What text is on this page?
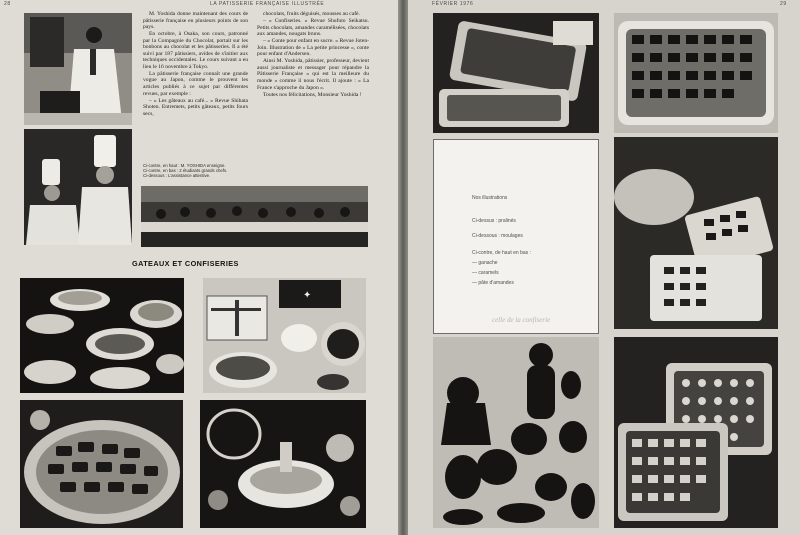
28	LA PATISSERIE FRANÇAISE ILLUSTRÉE

M. Yoshida donne maintenant des cours de pâtisserie française en plusieurs points de son pays.

En octobre, à Osaka, son cours, patronné par la Compagnie du Chocolat, portait sur les bonbons au chocolat et les pâtisseries. Il a été suivi par 187 pâtissiers, avides de s'initier aux techniques occidentales. Le cours suivant a eu lieu le 16 novembre à Tokyo.

La pâtisserie française connaît une grande vogue au Japon, comme le prouvent les articles publiés à ce sujet par différentes revues, par exemple :

– « Les gâteaux au café... » Revue Shibata Shoten. Entremets, petits gâteaux, petits fours secs,

chocolats, fruits déguisés, mousses au café.

– « Confiseries. » Revue Shufuto Seikatsu. Petits chocolats, amandes caramélisées, chocolats aux amandes, nougats bruns.

– « Conte pour enfant en sucre. » Revue Joten-Join. Illustration de « La petite princesse », conte pour enfant d'Andersen.

Ainsi M. Yoshida, pâtissier, professeur, devient aussi journaliste et messager pour répandre la Pâtisserie Française « qui est la meilleure du monde » comme il nous l'écrit. Il ajoute : « La France s'approche du Japon ».

Toutes nos félicitations, Monsieur Yoshida !

Ci-contre, en haut : M. YOSHIDA enseigne.
Ci-contre, en bas : 2 étudiants grands chefs.
Ci-dessous : L'assistance attentive.
GATEAUX ET CONFISERIES
✦
FÉVRIER 1976	29
Nos illustrations
Ci-dessus : pralinés
Ci-dessous : moulages
Ci-contre, de haut en bas :
— ganache
— caramels
— pâte d'amandes
celle de la confiserie
